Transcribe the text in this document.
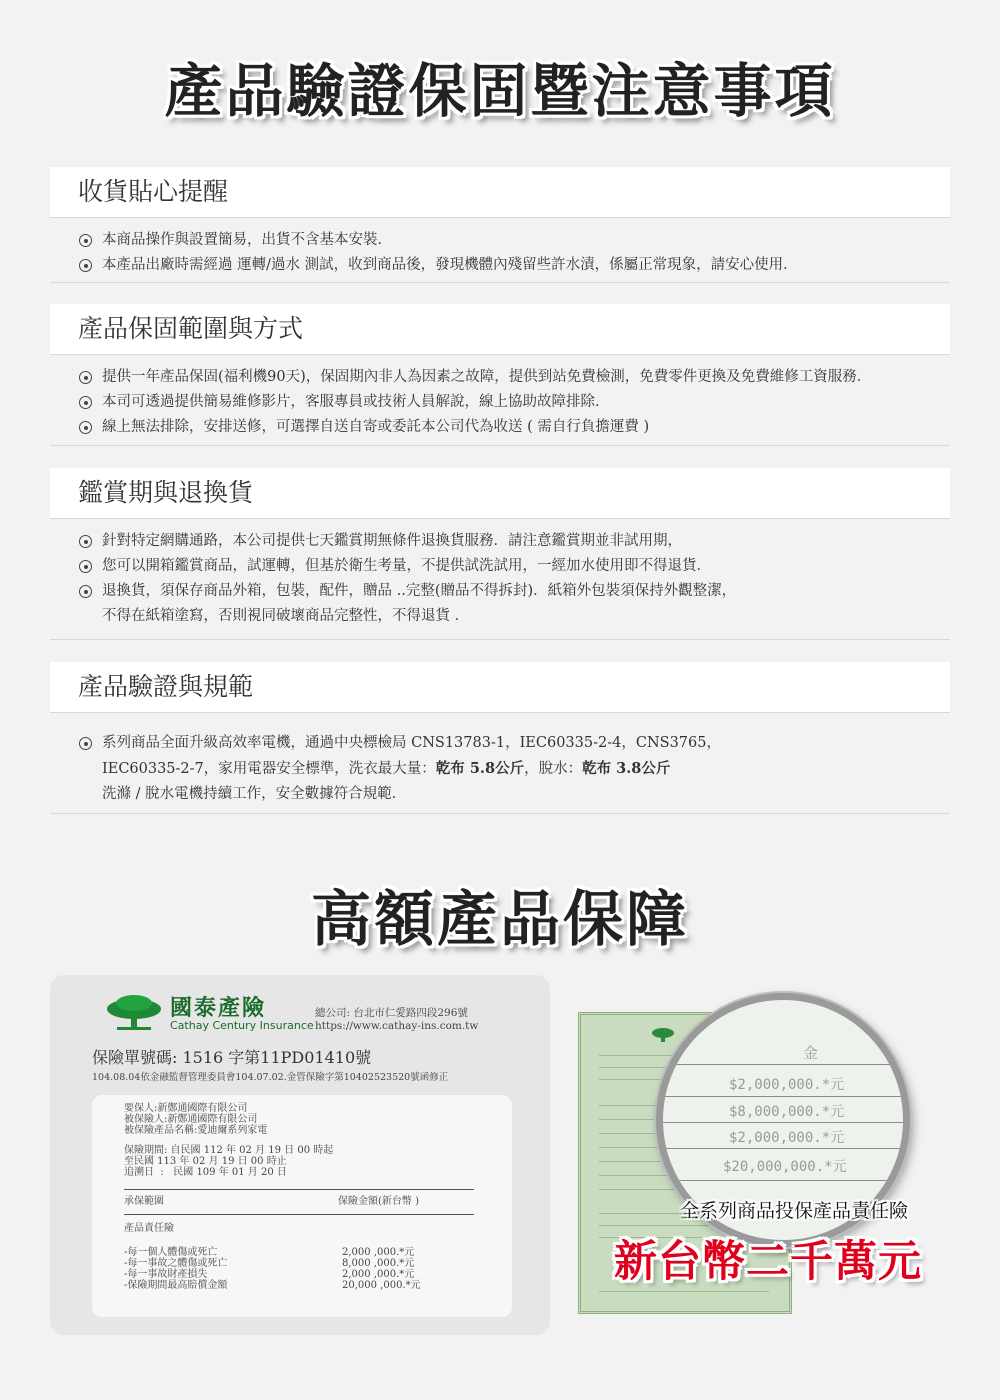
產品驗證保固暨注意事項
收貨貼心提醒
本商品操作與設置簡易，出貨不含基本安裝．
本產品出廠時需經過 運轉/過水 測試，收到商品後，發現機體內殘留些許水漬，係屬正常現象，請安心使用．
產品保固範圍與方式
提供一年產品保固(福利機90天)，保固期內非人為因素之故障，提供到站免費檢測，免費零件更換及免費維修工資服務．
本司可透過提供簡易維修影片，客服專員或技術人員解說，線上協助故障排除．
線上無法排除，安排送修，可選擇自送自寄或委託本公司代為收送 ( 需自行負擔運費 )
鑑賞期與退換貨
針對特定網購通路，本公司提供七天鑑賞期無條件退換貨服務．請注意鑑賞期並非試用期，
您可以開箱鑑賞商品，試運轉，但基於衛生考量，不提供試洗試用，一經加水使用即不得退貨．
退換貨，須保存商品外箱，包裝，配件，贈品 ..完整(贈品不得拆封)．紙箱外包裝須保持外觀整潔，
不得在紙箱塗寫，否則視同破壞商品完整性，不得退貨 ．
產品驗證與規範
系列商品全面升級高效率電機，通過中央標檢局 CNS13783-1，IEC60335-2-4，CNS3765，
IEC60335-2-7，家用電器安全標準，洗衣最大量：乾布 5.8公斤，脫水：乾布 3.8公斤
洗滌 / 脫水電機持續工作，安全數據符合規範．
高額產品保障
國泰產險
Cathay Century Insurance
總公司: 台北市仁愛路四段296號
https://www.cathay-ins.com.tw
保險單號碼: 1516 字第11PD01410號
104.08.04依金融監督管理委員會104.07.02.金管保險字第10402523520號函修正
要保人:新鄭通國際有限公司
被保險人:新鄭通國際有限公司
被保險產品名稱:愛迪爾系列家電
保險期間: 自民國 112 年 02 月 19 日 00 時起
至民國 113 年 02 月 19 日 00 時止
追溯日  :   民國 109 年 01 月 20 日
承保範圍	保險金額(新台幣 )
產品責任險
-每一個人體傷或死亡	2,000 ,000.*元
-每一事故之體傷或死亡	8,000 ,000.*元
-每一事故財產損失	2,000 ,000.*元
-保險期間最高賠償金額	20,000 ,000.*元
金
$2,000,000.*元
$8,000,000.*元
$2,000,000.*元
$20,000,000.*元
全系列商品投保產品責任險
新台幣二千萬元
